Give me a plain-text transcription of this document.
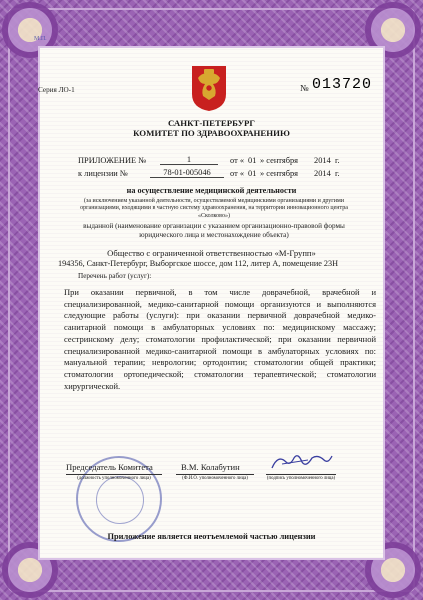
Серия ЛО-1	№ 013720
САНКТ-ПЕТЕРБУРГ
КОМИТЕТ ПО ЗДРАВООХРАНЕНИЮ
ПРИЛОЖЕНИЕ №	1	от « 01 » сентября 2014 г.
к лицензии №	78-01-005046	от « 01 » сентября 2014 г.
на осуществление медицинской деятельности
(за исключением указанной деятельности, осуществляемой медицинскими организациями и другими организациями, входящими в частную систему здравоохранения, на территории инновационного центра «Сколково»)
выданной (наименование организации с указанием организационно-правовой формы юридического лица и местонахождение объекта)
Общество с ограниченной ответственностью «М-Групп»
194356, Санкт-Петербург, Выборгское шоссе, дом 112, литер А, помещение 23Н
Перечень работ (услуг):
При оказании первичной, в том числе доврачебной, врачебной и специализированной, медико-санитарной помощи организуются и выполняются следующие работы (услуги): при оказании первичной доврачебной медико-санитарной помощи в амбулаторных условиях по: медицинскому массажу; сестринскому делу; стоматологии профилактической; при оказании первичной специализированной медико-санитарной помощи в амбулаторных условиях по: мануальной терапии; неврологии; ортодонтии; стоматологии общей практики; стоматологии ортопедической; стоматологии терапевтической; стоматологии хирургической.
М.П.
Председатель Комитета	В.М. Колабутин
(должность уполномоченного лица)	(Ф.И.О. уполномоченного лица)	(подпись уполномоченного лица)
Приложение является неотъемлемой частью лицензии
